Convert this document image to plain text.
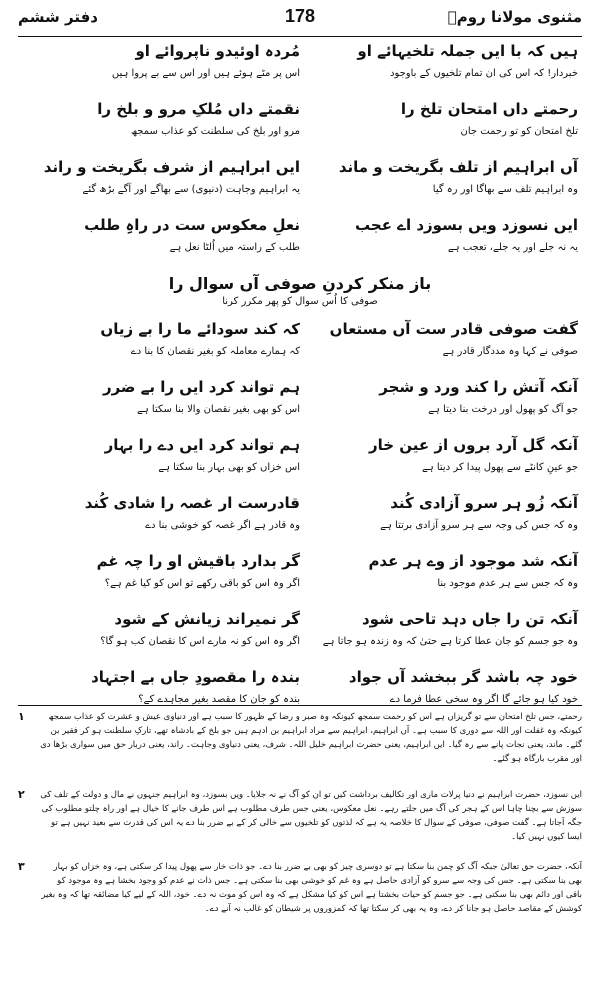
مثنوی مولانا رومؒ
178
دفتر ششم
ہیں کہ با ایں جملہ تلخیہائے او
مُردہ اوئیدو ناپروائے او
خبردار! کہ اس کی ان تمام تلخیوں کے باوجود
اس پر مٹے ہوئے ہیں اور اس سے بے پروا ہیں
رحمتے داں امتحان تلخ را
نقمتے داں مُلکِ مرو و بلخ را
تلخ امتحان کو تو رحمت جان
مرو اور بلخ کی سلطنت کو عذاب سمجھ
آں ابراہیم از تلف بگریخت و ماند
ایں ابراہیم از شرف بگریخت و راند
وہ ابراہیم تلف سے بھاگا اور رہ گیا
یہ ابراہیم وجاہت (دنیوی) سے بھاگے اور آگے بڑھ گئے
ایں نسوزد ویں بسوزد اے عجب
نعلِ معکوس ست در راہِ طلب
یہ نہ جلے اور یہ جلے، تعجب ہے
طلب کے راستہ میں اُلٹا نعل ہے
باز منکر کردنِ صوفی آں سوال را
صوفی کا اُس سوال کو پھر مکرر کرنا
گفت صوفی قادر ست آں مستعاں
کہ کند سودائے ما را بے زیاں
صوفی نے کہا وہ مددگار قادر ہے
کہ ہمارے معاملہ کو بغیر نقصان کا بنا دے
آنکہ آتش را کند ورد و شجر
ہم تواند کرد ایں را بے ضرر
جو آگ کو پھول اور درخت بنا دیتا ہے
اس کو بھی بغیر نقصان والا بنا سکتا ہے
آنکہ گل آرد بروں از عین خار
ہم تواند کرد ایں دے را بہار
جو عینِ کانٹے سے پھول پیدا کر دیتا ہے
اس خزاں کو بھی بہار بنا سکتا ہے
آنکہ زُو ہر سرو آزادی کُند
قادرست ار غصہ را شادی کُند
وہ کہ جس کی وجہ سے ہر سرو آزادی برتتا ہے
وہ قادر ہے اگر غصہ کو خوشی بنا دے
آنکہ شد موجود از وے ہر عدم
گر بدارد باقیش او را چہ غم
وہ کہ جس سے ہر عدم موجود بنا
اگر وہ اس کو باقی رکھے تو اس کو کیا غم ہے؟
آنکہ تن را جاں دہد تاحی شود
گر نمیراند زیانش کے شود
وہ جو جسم کو جان عطا کرتا ہے حتیٰ کہ وہ زندہ ہو جاتا ہے
اگر وہ اس کو نہ مارے اس کا نقصان کب ہو گا؟
خود چہ باشد گر ببخشد آں جواد
بندہ را مقصودِ جاں بے اجتہاد
خود کیا ہو جائے گا اگر وہ سخی عطا فرما دے
بندہ کو جان کا مقصد بغیر مجاہدے کے؟
۱	رحمتے، جس تلخ امتحان سے تو گریزاں ہے اس کو رحمت سمجھ کیونکہ وہ صبر و رضا کے ظہور کا سبب ہے اور دنیاوی عیش و عشرت کو عذاب سمجھ کیونکہ وہ غفلت اور اللہ سے دوری کا سبب ہے۔ آں ابراہیم، ابراہیم سے مراد ابراہیم بن ادہم ہیں جو بلخ کے بادشاہ تھے، تارکِ سلطنت ہو کر فقیر بن گئے۔ ماند، یعنی نجات پانے سے رہ گیا۔ ایں ابراہیم، یعنی حضرت ابراہیم خلیل اللہ۔ شرف، یعنی دنیاوی وجاہت۔ راند، یعنی دربار حق میں سواری بڑھا دی اور مقرب بارگاہ ہو گئے۔
۲ ایں نسوزد، حضرت ابراہیم نے دنیا پرلات ماری اور تکالیف برداشت کیں تو ان کو آگ نے نہ جلایا۔ ویں بسوزد، وہ ابراہیم جنہوں نے مال و دولت کے تلف کی سوزش سے بچنا چاہا اس کے ہجر کی آگ میں جلتے رہے۔ نعل معکوس، یعنی جس طرف مطلوب ہے اس طرف جانے کا خیال ہے اور راہ چلتو مطلوب کی جگہ آجاتا ہے۔ گفت صوفی، صوفی کے سوال کا خلاصہ یہ ہے کہ لذتوں کو تلخیوں سے خالی کر کے بے ضرر بنا دے یہ اس کی قدرت سے بعید نہیں ہے تو ایسا کیوں نہیں کیا۔
۳	آنکہ، حضرت حق تعالیٰ جبکہ آگ کو چمن بنا سکتا ہے تو دوسری چیز کو بھی بے ضرر بنا دے۔ جو ذات خار سے پھول پیدا کر سکتی ہے، وہ خزاں کو بہار بھی بنا سکتی ہے۔ جس کی وجہ سے سرو کو آزادی حاصل ہے وہ غم کو خوشی بھی بنا سکتی ہے۔ جس ذات نے عدم کو وجود بخشا ہے وہ موجود کو باقی اور دائم بھی بنا سکتی ہے۔ جو جسم کو حیات بخشتا ہے اس کو کیا مشکل ہے کہ وہ اس کو موت نہ دے۔ خود، اللہ کے لیے کیا مضائقہ تھا کہ وہ بغیر کوشش کے مقاصد حاصل ہو جانا کر دے، وہ یہ بھی کر سکتا تھا کہ کمزوروں پر شیطان کو غالب نہ آنے دے۔
